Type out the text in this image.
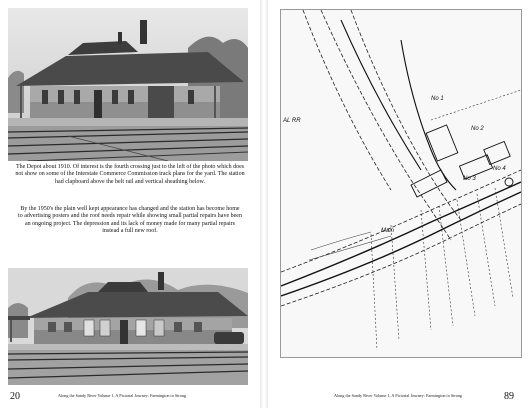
The Depot about 1910. Of interest is the fourth crossing just to the left of the photo which does not show on some of the Interstate Commerce Commission track plans for the yard. The station had clapboard above the belt rail and vertical sheathing below.
By the 1950's the plain well kept appearance has changed and the station has become home to advertising posters and the roof needs repair while showing small partial repairs have been an ongoing project. The depression and its lack of money made for many partial repairs instead a full new roof.
20	Along the Sandy River Volume 1, A Pictorial Journey: Farmington to Strong
AL RR
No 1
No 2
No 4
Main
No 3
89
Along the Sandy River Volume 1, A Pictorial Journey: Farmington to Strong
